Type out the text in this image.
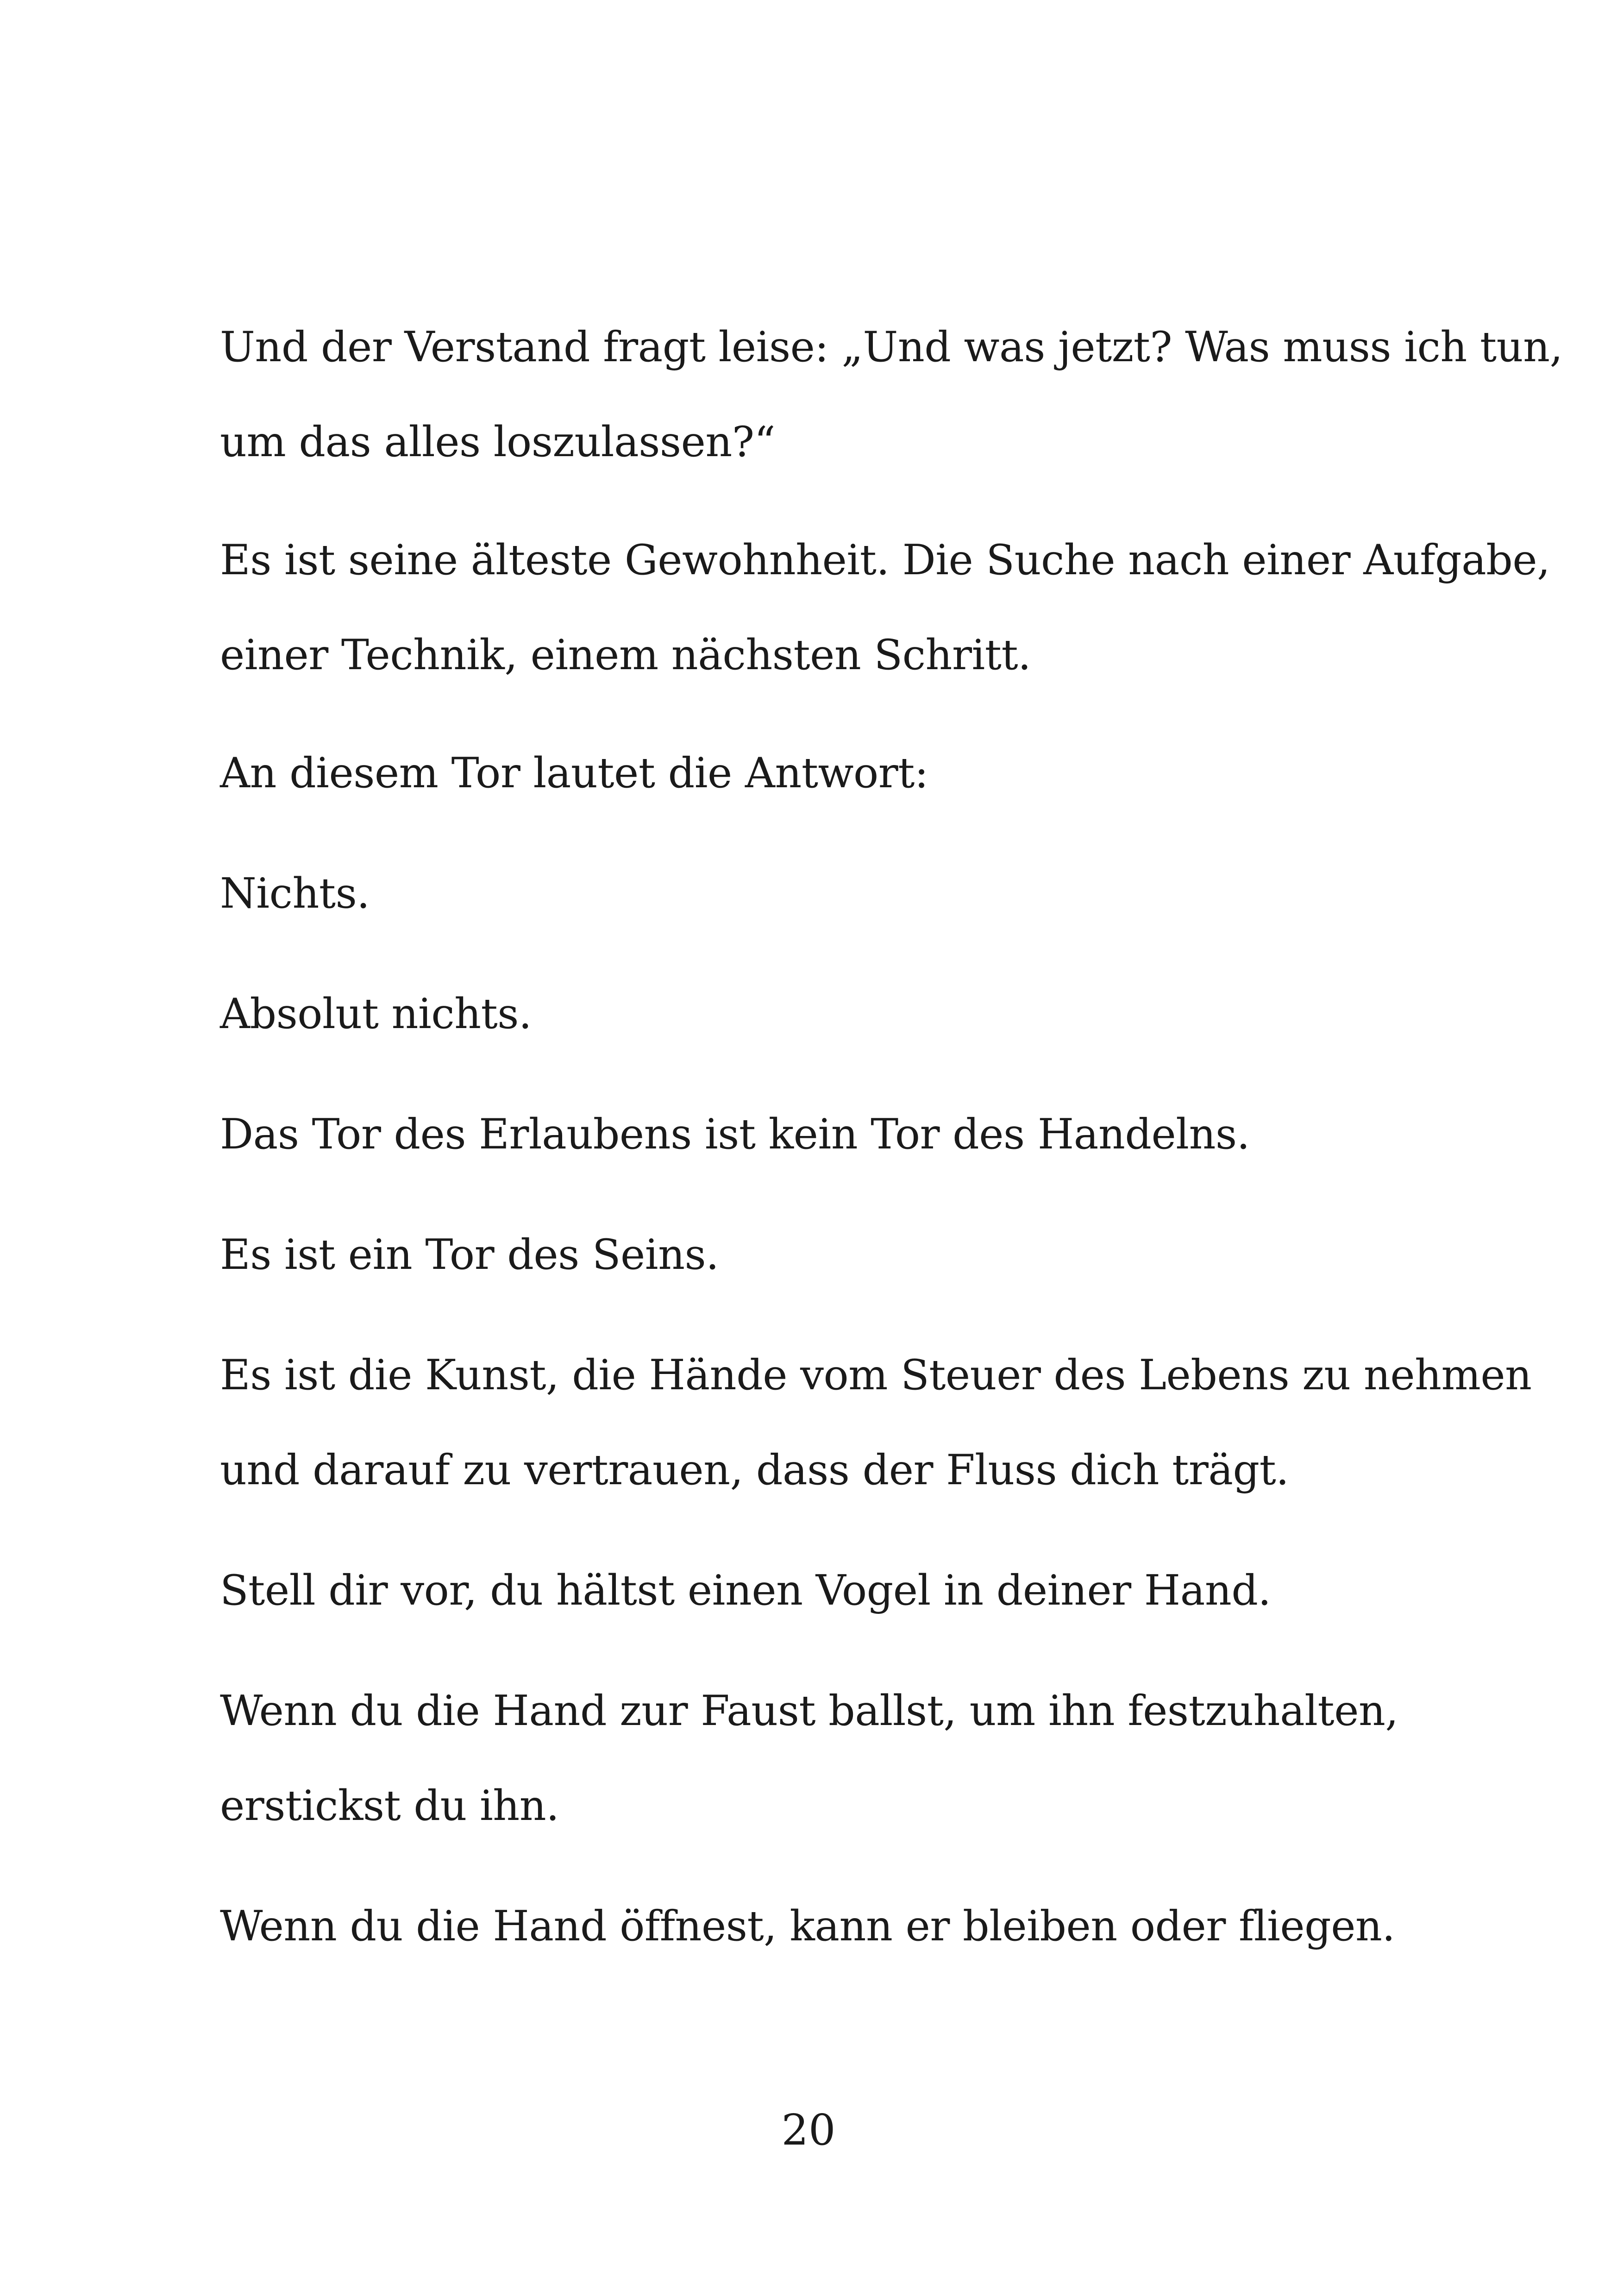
Und der Verstand fragt leise: „Und was jetzt? Was muss ich tun,
um das alles loszulassen?“
Es ist seine älteste Gewohnheit. Die Suche nach einer Aufgabe,
einer Technik, einem nächsten Schritt.
An diesem Tor lautet die Antwort:
Nichts.
Absolut nichts.
Das Tor des Erlaubens ist kein Tor des Handelns.
Es ist ein Tor des Seins.
Es ist die Kunst, die Hände vom Steuer des Lebens zu nehmen
und darauf zu vertrauen, dass der Fluss dich trägt.
Stell dir vor, du hältst einen Vogel in deiner Hand.
Wenn du die Hand zur Faust ballst, um ihn festzuhalten,
erstickst du ihn.
Wenn du die Hand öffnest, kann er bleiben oder fliegen.
20
